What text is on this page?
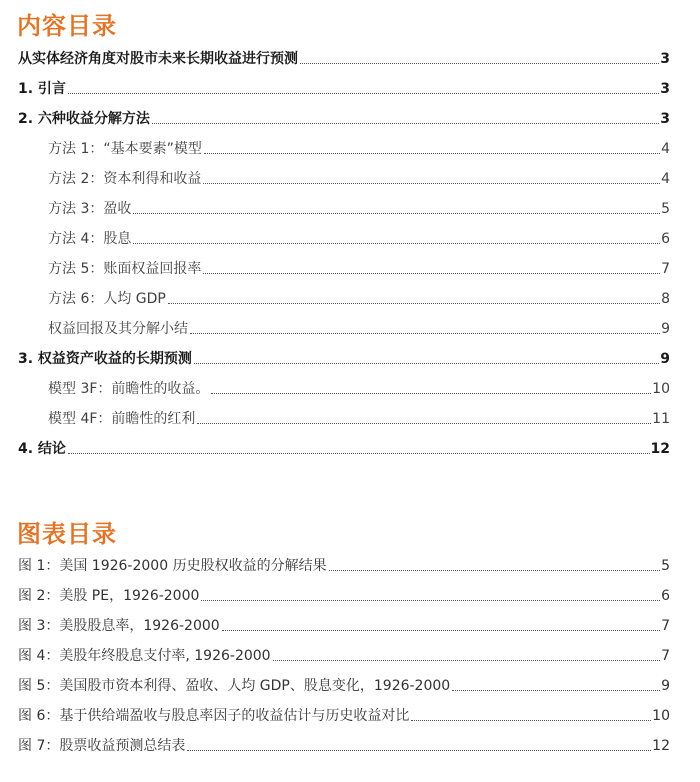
内容目录
从实体经济角度对股市未来长期收益进行预测	3
1. 引言	3
2. 六种收益分解方法	3
方法 1：“基本要素”模型	4
方法 2：资本利得和收益	4
方法 3：盈收	5
方法 4：股息	6
方法 5：账面权益回报率	7
方法 6：人均 GDP	8
权益回报及其分解小结	9
3. 权益资产收益的长期预测	9
模型 3F：前瞻性的收益。	10
模型 4F：前瞻性的红利	11
4. 结论	12
图表目录
图 1：美国 1926-2000 历史股权收益的分解结果	5
图 2：美股 PE，1926-2000	6
图 3：美股股息率，1926-2000	7
图 4：美股年终股息支付率, 1926-2000	7
图 5：美国股市资本利得、盈收、人均 GDP、股息变化，1926-2000	9
图 6：基于供给端盈收与股息率因子的收益估计与历史收益对比	10
图 7：股票收益预测总结表	12
